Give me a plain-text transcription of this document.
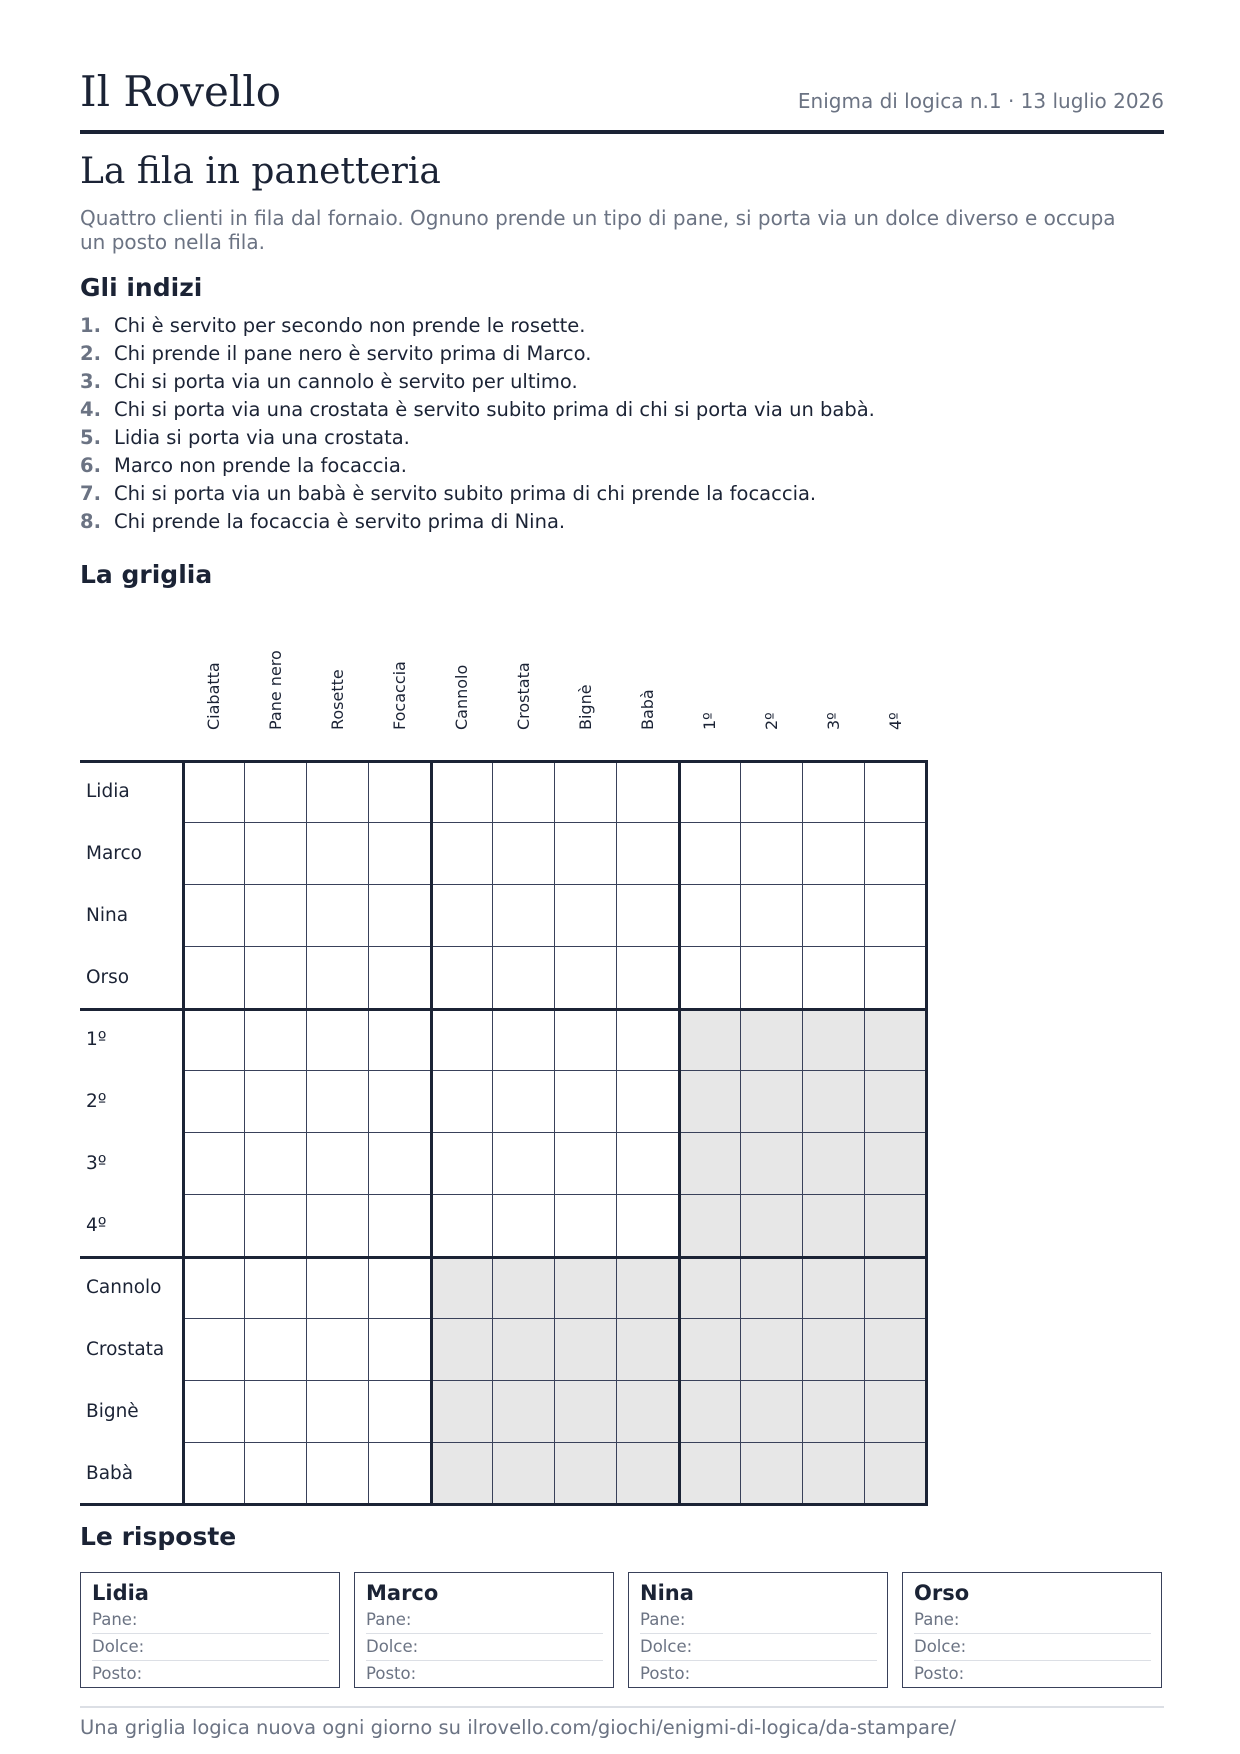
Il Rovello	Enigma di logica n.1 · 13 luglio 2026
La fila in panetteria
Quattro clienti in fila dal fornaio. Ognuno prende un tipo di pane, si porta via un dolce diverso e occupa un posto nella fila.
Gli indizi
1. Chi è servito per secondo non prende le rosette.
2. Chi prende il pane nero è servito prima di Marco.
3. Chi si porta via un cannolo è servito per ultimo.
4. Chi si porta via una crostata è servito subito prima di chi si porta via un babà.
5. Lidia si porta via una crostata.
6. Marco non prende la focaccia.
7. Chi si porta via un babà è servito subito prima di chi prende la focaccia.
8. Chi prende la focaccia è servito prima di Nina.
La griglia
Ciabatta	Pane nero	Rosette	Focaccia	Cannolo	Crostata	Bignè	Babà	1º	2º	3º	4º
Lidia
Marco
Nina
Orso
1º
2º
3º
4º
Cannolo
Crostata
Bignè
Babà
Le risposte
Lidia
Pane:
Dolce:
Posto:
Marco
Pane:
Dolce:
Posto:
Nina
Pane:
Dolce:
Posto:
Orso
Pane:
Dolce:
Posto:
Una griglia logica nuova ogni giorno su ilrovello.com/giochi/enigmi-di-logica/da-stampare/
